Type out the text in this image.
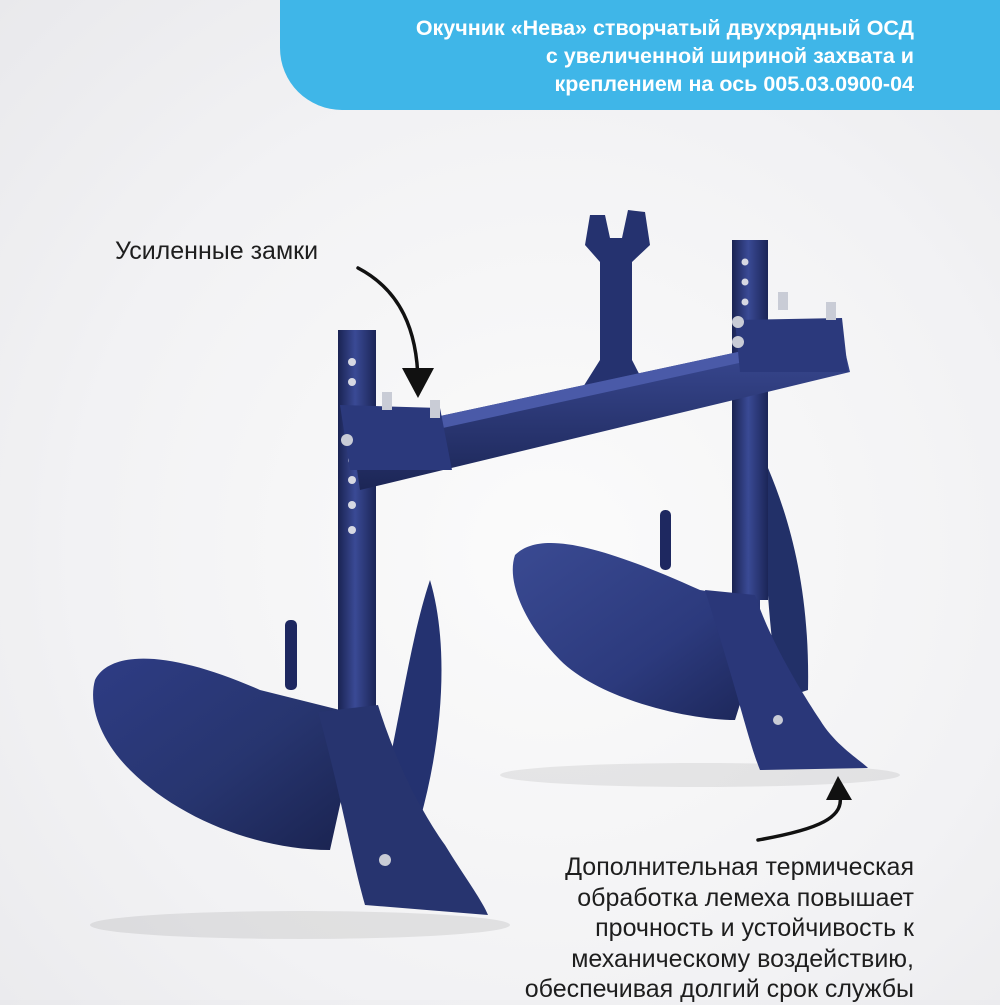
Окучник «Нева» створчатый двухрядный ОСД
с увеличенной шириной захвата и
креплением на ось 005.03.0900-04
Усиленные замки
Дополнительная термическая
обработка лемеха повышает
прочность и устойчивость к
механическому воздействию,
обеспечивая долгий срок службы
